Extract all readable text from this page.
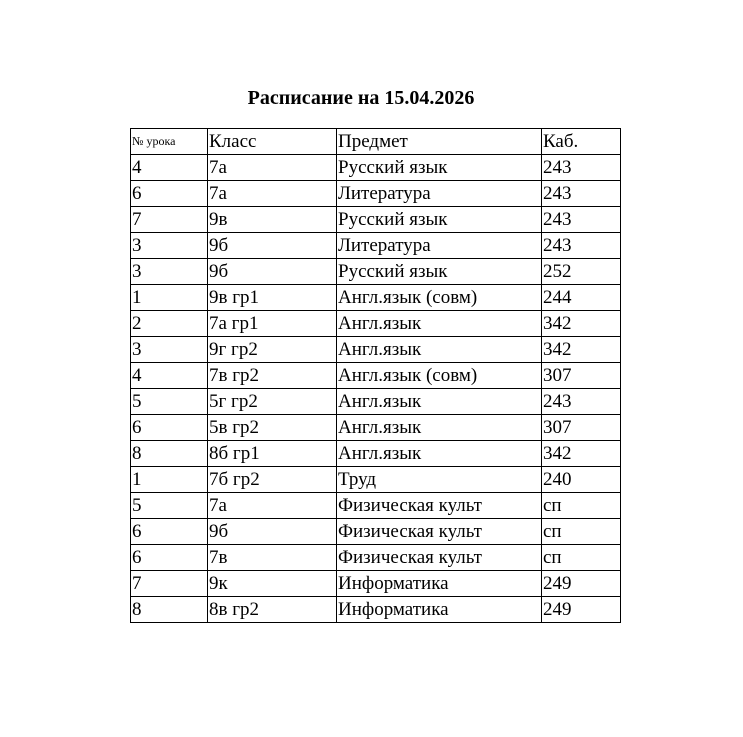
Расписание на 15.04.2026
№ урока	Класс	Предмет	Каб.
4	7а	Русский язык	243
6	7а	Литература	243
7	9в	Русский язык	243
3	9б	Литература	243
3	9б	Русский язык	252
1	9в гр1	Англ.язык (совм)	244
2	7а гр1	Англ.язык	342
3	9г гр2	Англ.язык	342
4	7в гр2	Англ.язык (совм)	307
5	5г гр2	Англ.язык	243
6	5в гр2	Англ.язык	307
8	8б гр1	Англ.язык	342
1	7б гр2	Труд	240
5	7а	Физическая культ	сп
6	9б	Физическая культ	сп
6	7в	Физическая культ	сп
7	9к	Информатика	249
8	8в гр2	Информатика	249
